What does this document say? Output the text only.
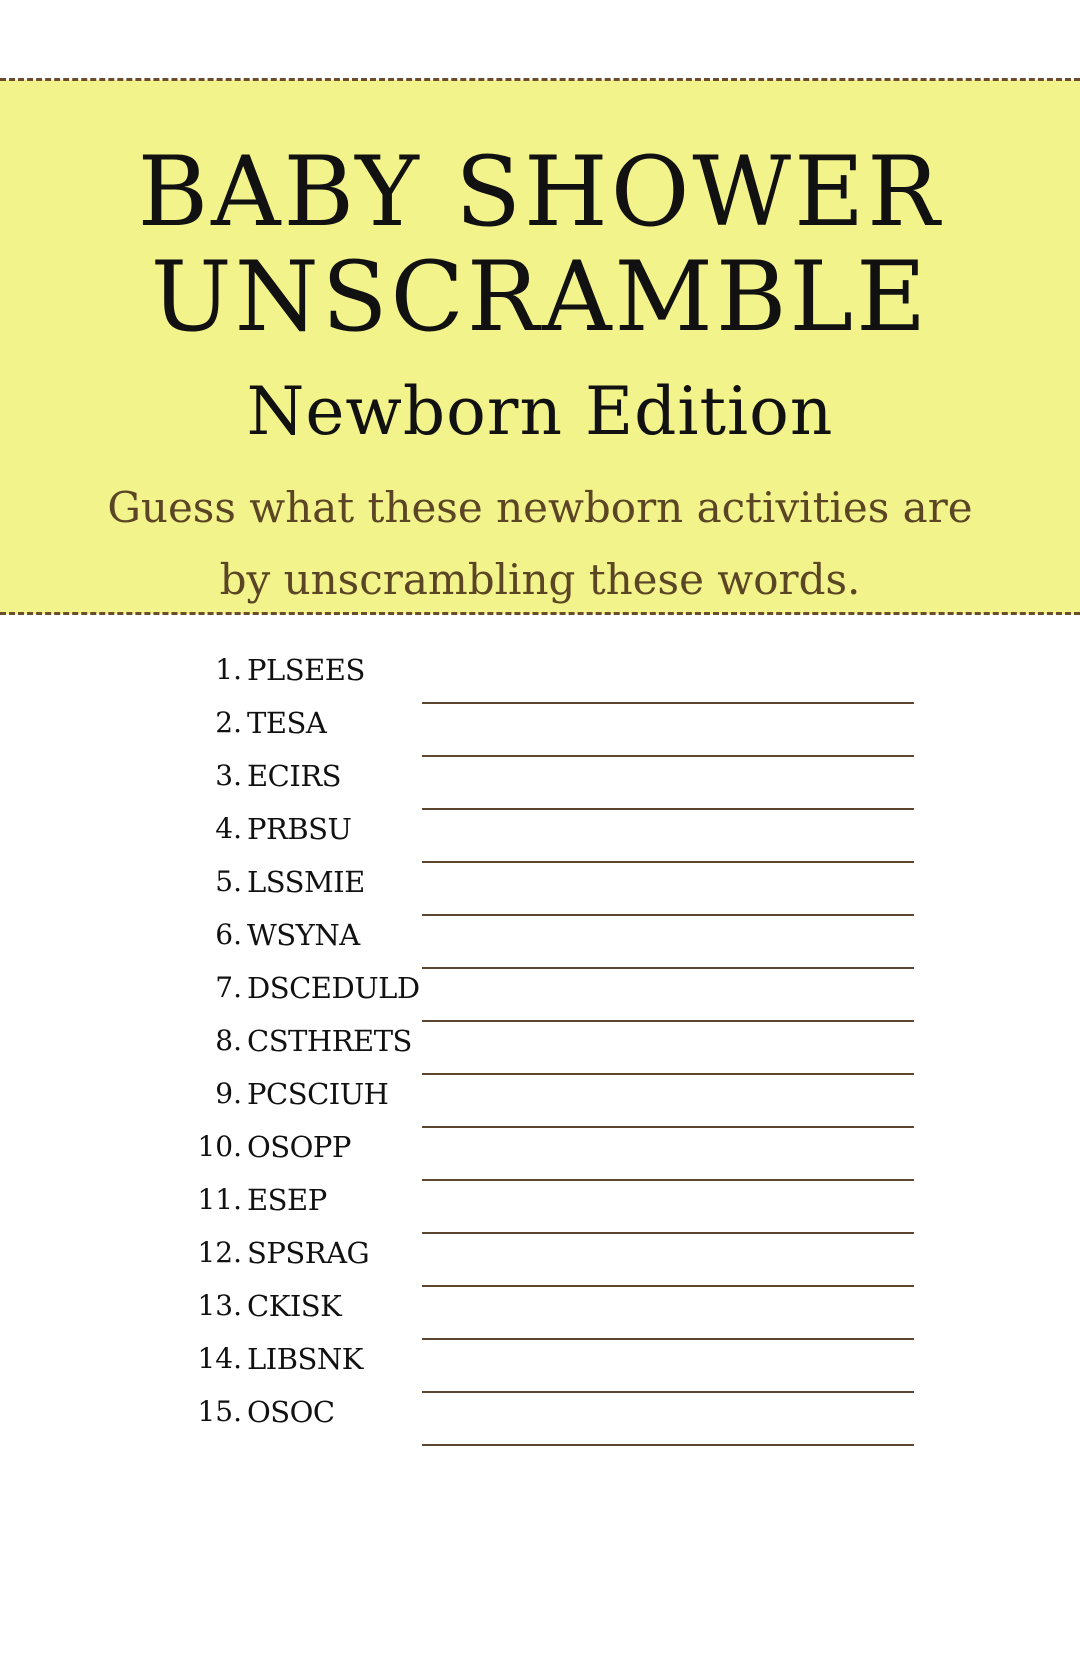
BABY SHOWER
UNSCRAMBLE
Newborn Edition
Guess what these newborn activities are by unscrambling these words.
1. PLSEES
2. TESA
3. ECIRS
4. PRBSU
5. LSSMIE
6. WSYNA
7. DSCEDULD
8. CSTHRETS
9. PCSCIUH
10. OSOPP
11. ESEP
12. SPSRAG
13. CKISK
14. LIBSNK
15. OSOC
